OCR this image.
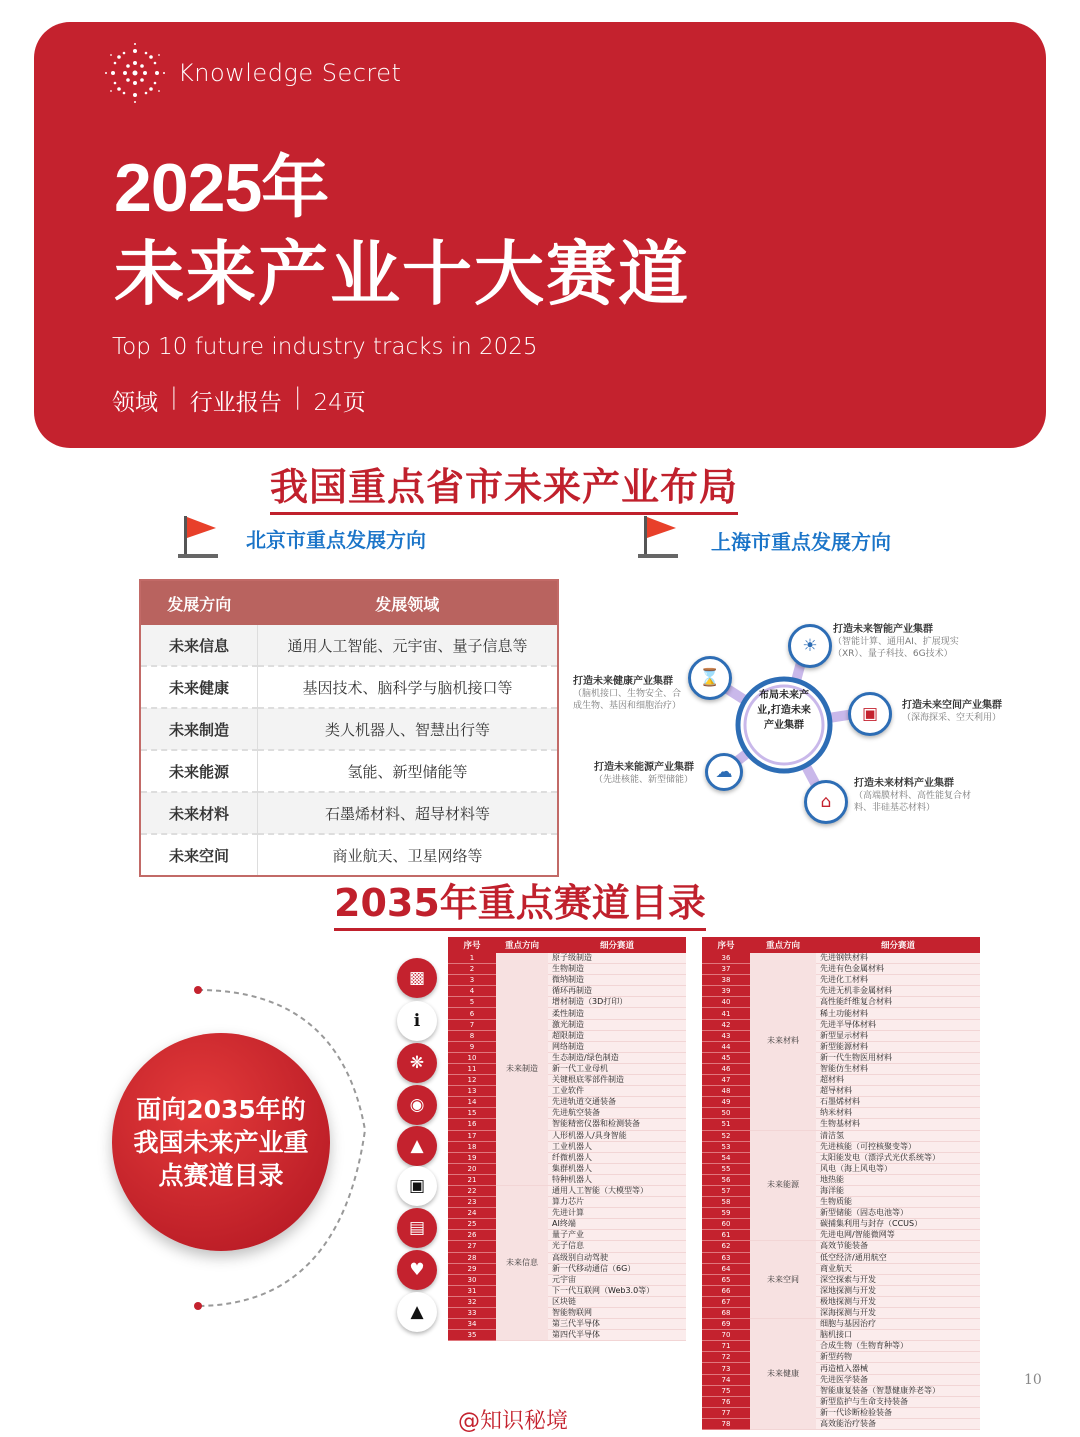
Knowledge Secret
2025年
未来产业十大赛道
Top 10 future industry tracks in 2025
领域 | 行业报告 | 24页
我国重点省市未来产业布局
北京市重点发展方向	上海市重点发展方向
发展方向	发展领域
未来信息	通用人工智能、元宇宙、量子信息等
未来健康	基因技术、脑科学与脑机接口等
未来制造	类人机器人、智慧出行等
未来能源	氢能、新型储能等
未来材料	石墨烯材料、超导材料等
未来空间	商业航天、卫星网络等
布局未来产业,打造未来产业集群
☀
⌛
▣
☁
⌂
打造未来智能产业集群
（智能计算、通用AI、扩展现实（XR）、量子科技、6G技术）
打造未来健康产业集群
（脑机接口、生物安全、合成生物、基因和细胞治疗）	打造未来空间产业集群
（深海探采、空天利用）
打造未来能源产业集群
（先进核能、新型储能）	打造未来材料产业集群
（高端膜材料、高性能复合材料、非硅基芯材料）
2035年重点赛道目录
面向2035年的我国未来产业重点赛道目录
▩
ℹ
❋
◉
▲
▣
▤
♥
▲
序号	重点方向	细分赛道
1	未来制造	原子级制造
2		生物制造
3		微纳制造
4		循环再制造
5		增材制造（3D打印）
6		柔性制造
7		激光制造
8		超限制造
9		网络制造
10		生态制造/绿色制造
11		新一代工业母机
12		关键根底零部件制造
13		工业软件
14		先进轨道交通装备
15		先进航空装备
16		智能精密仪器和检测装备
17		人形机器人/具身智能
18		工业机器人
19		纤微机器人
20		集群机器人
21		特种机器人
22	未来信息	通用人工智能（大模型等）
23		算力芯片
24		先进计算
25		AI终端
26		量子产业
27		光子信息
28		高级别自动驾驶
29		新一代移动通信（6G）
30		元宇宙
31		下一代互联网（Web3.0等）
32		区块链
33		智能物联网
34		第三代半导体
35		第四代半导体
序号	重点方向	细分赛道
36	未来材料	先进钢铁材料
37		先进有色金属材料
38		先进化工材料
39		先进无机非金属材料
40		高性能纤维复合材料
41		稀土功能材料
42		先进半导体材料
43		新型显示材料
44		新型能源材料
45		新一代生物医用材料
46		智能仿生材料
47		超材料
48		超导材料
49		石墨烯材料
50		纳米材料
51		生物基材料
52	未来能源	清洁氢
53		先进核能（可控核聚变等）
54		太阳能发电（漂浮式光伏系统等）
55		风电（海上风电等）
56		地热能
57		海洋能
58		生物质能
59		新型储能（固态电池等）
60		碳捕集利用与封存（CCUS）
61		先进电网/智能微网等
62	未来空间	高效节能装备
63		低空经济/通用航空
64		商业航天
65		深空探索与开发
66		深地探测与开发
67		极地探测与开发
68		深海探测与开发
69	未来健康	细胞与基因治疗
70		脑机接口
71		合成生物（生物育种等）
72		新型药物
73		再造植入器械
74		先进医学装备
75		智能康复装备（智慧健康养老等）
76		新型监护与生命支持装备
77		新一代诊断检验装备
78		高效能治疗装备
10
@知识秘境
